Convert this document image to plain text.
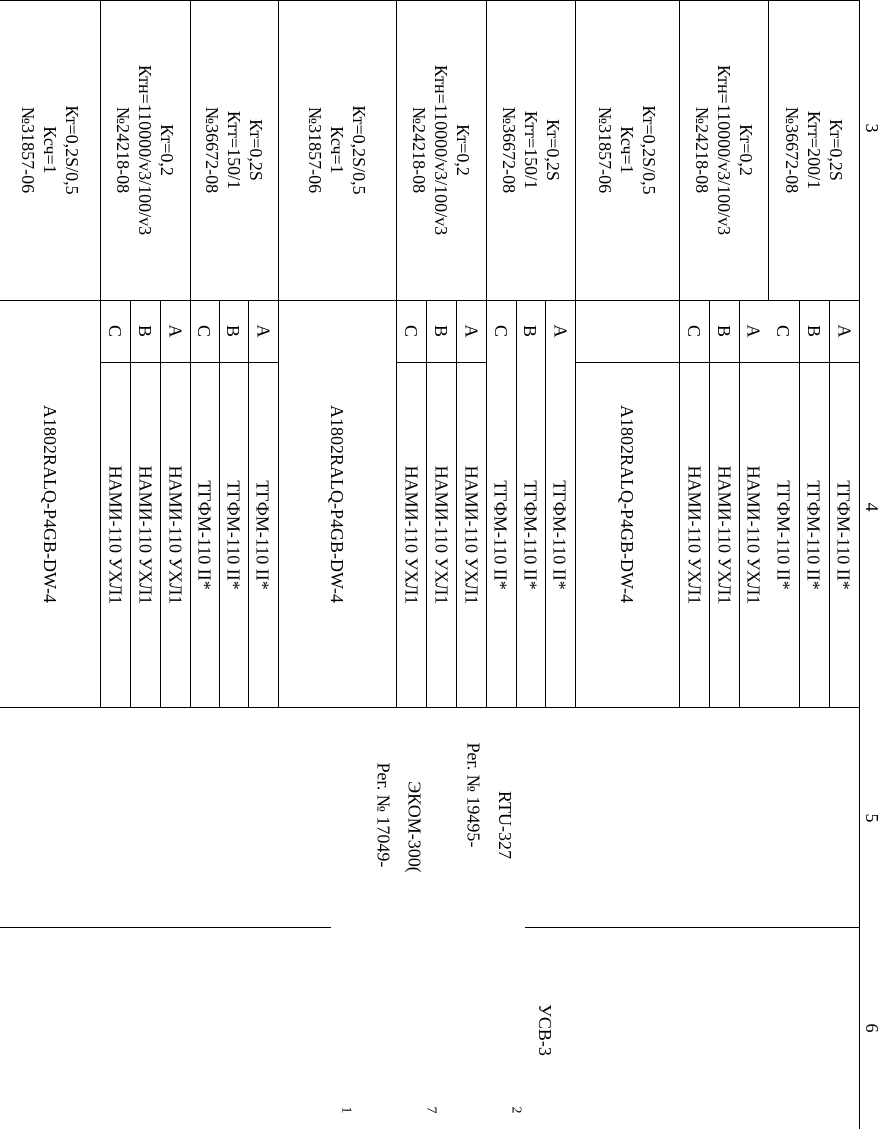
3
4
5
6
Кт=0,2S
Ктт=200/1
№36672-08
Кт=0,2
Ктн=110000/v3/100/v3
№24218-08
Кт=0,2S/0,5
Ксч=1
№31857-06
Кт=0,2S
Ктт=150/1
№36672-08
Кт=0,2
Ктн=110000/v3/100/v3
№24218-08
Кт=0,2S/0,5
Ксч=1
№31857-06
Кт=0,2S
Ктт=150/1
№36672-08
Кт=0,2
Ктн=110000/v3/100/v3
№24218-08
Кт=0,2S/0,5
Ксч=1
№31857-06
A
B
C
A
B
C
ТГФМ-110 II*
ТГФМ-110 II*
ТГФМ-110 II*
НАМИ-110 УХЛ1
НАМИ-110 УХЛ1
НАМИ-110 УХЛ1
A1802RALQ-P4GB-DW-4
A
B
C
A
B
C
ТГФМ-110 II*
ТГФМ-110 II*
ТГФМ-110 II*
НАМИ-110 УХЛ1
НАМИ-110 УХЛ1
НАМИ-110 УХЛ1
A1802RALQ-P4GB-DW-4
A
B
C
A
B
C
ТГФМ-110 II*
ТГФМ-110 II*
ТГФМ-110 II*
НАМИ-110 УХЛ1
НАМИ-110 УХЛ1
НАМИ-110 УХЛ1
A1802RALQ-P4GB-DW-4
RTU-327
Рег. № 19495-
ЭКОМ-300(
Рег. № 17049-
УСВ-3
2
7
1
